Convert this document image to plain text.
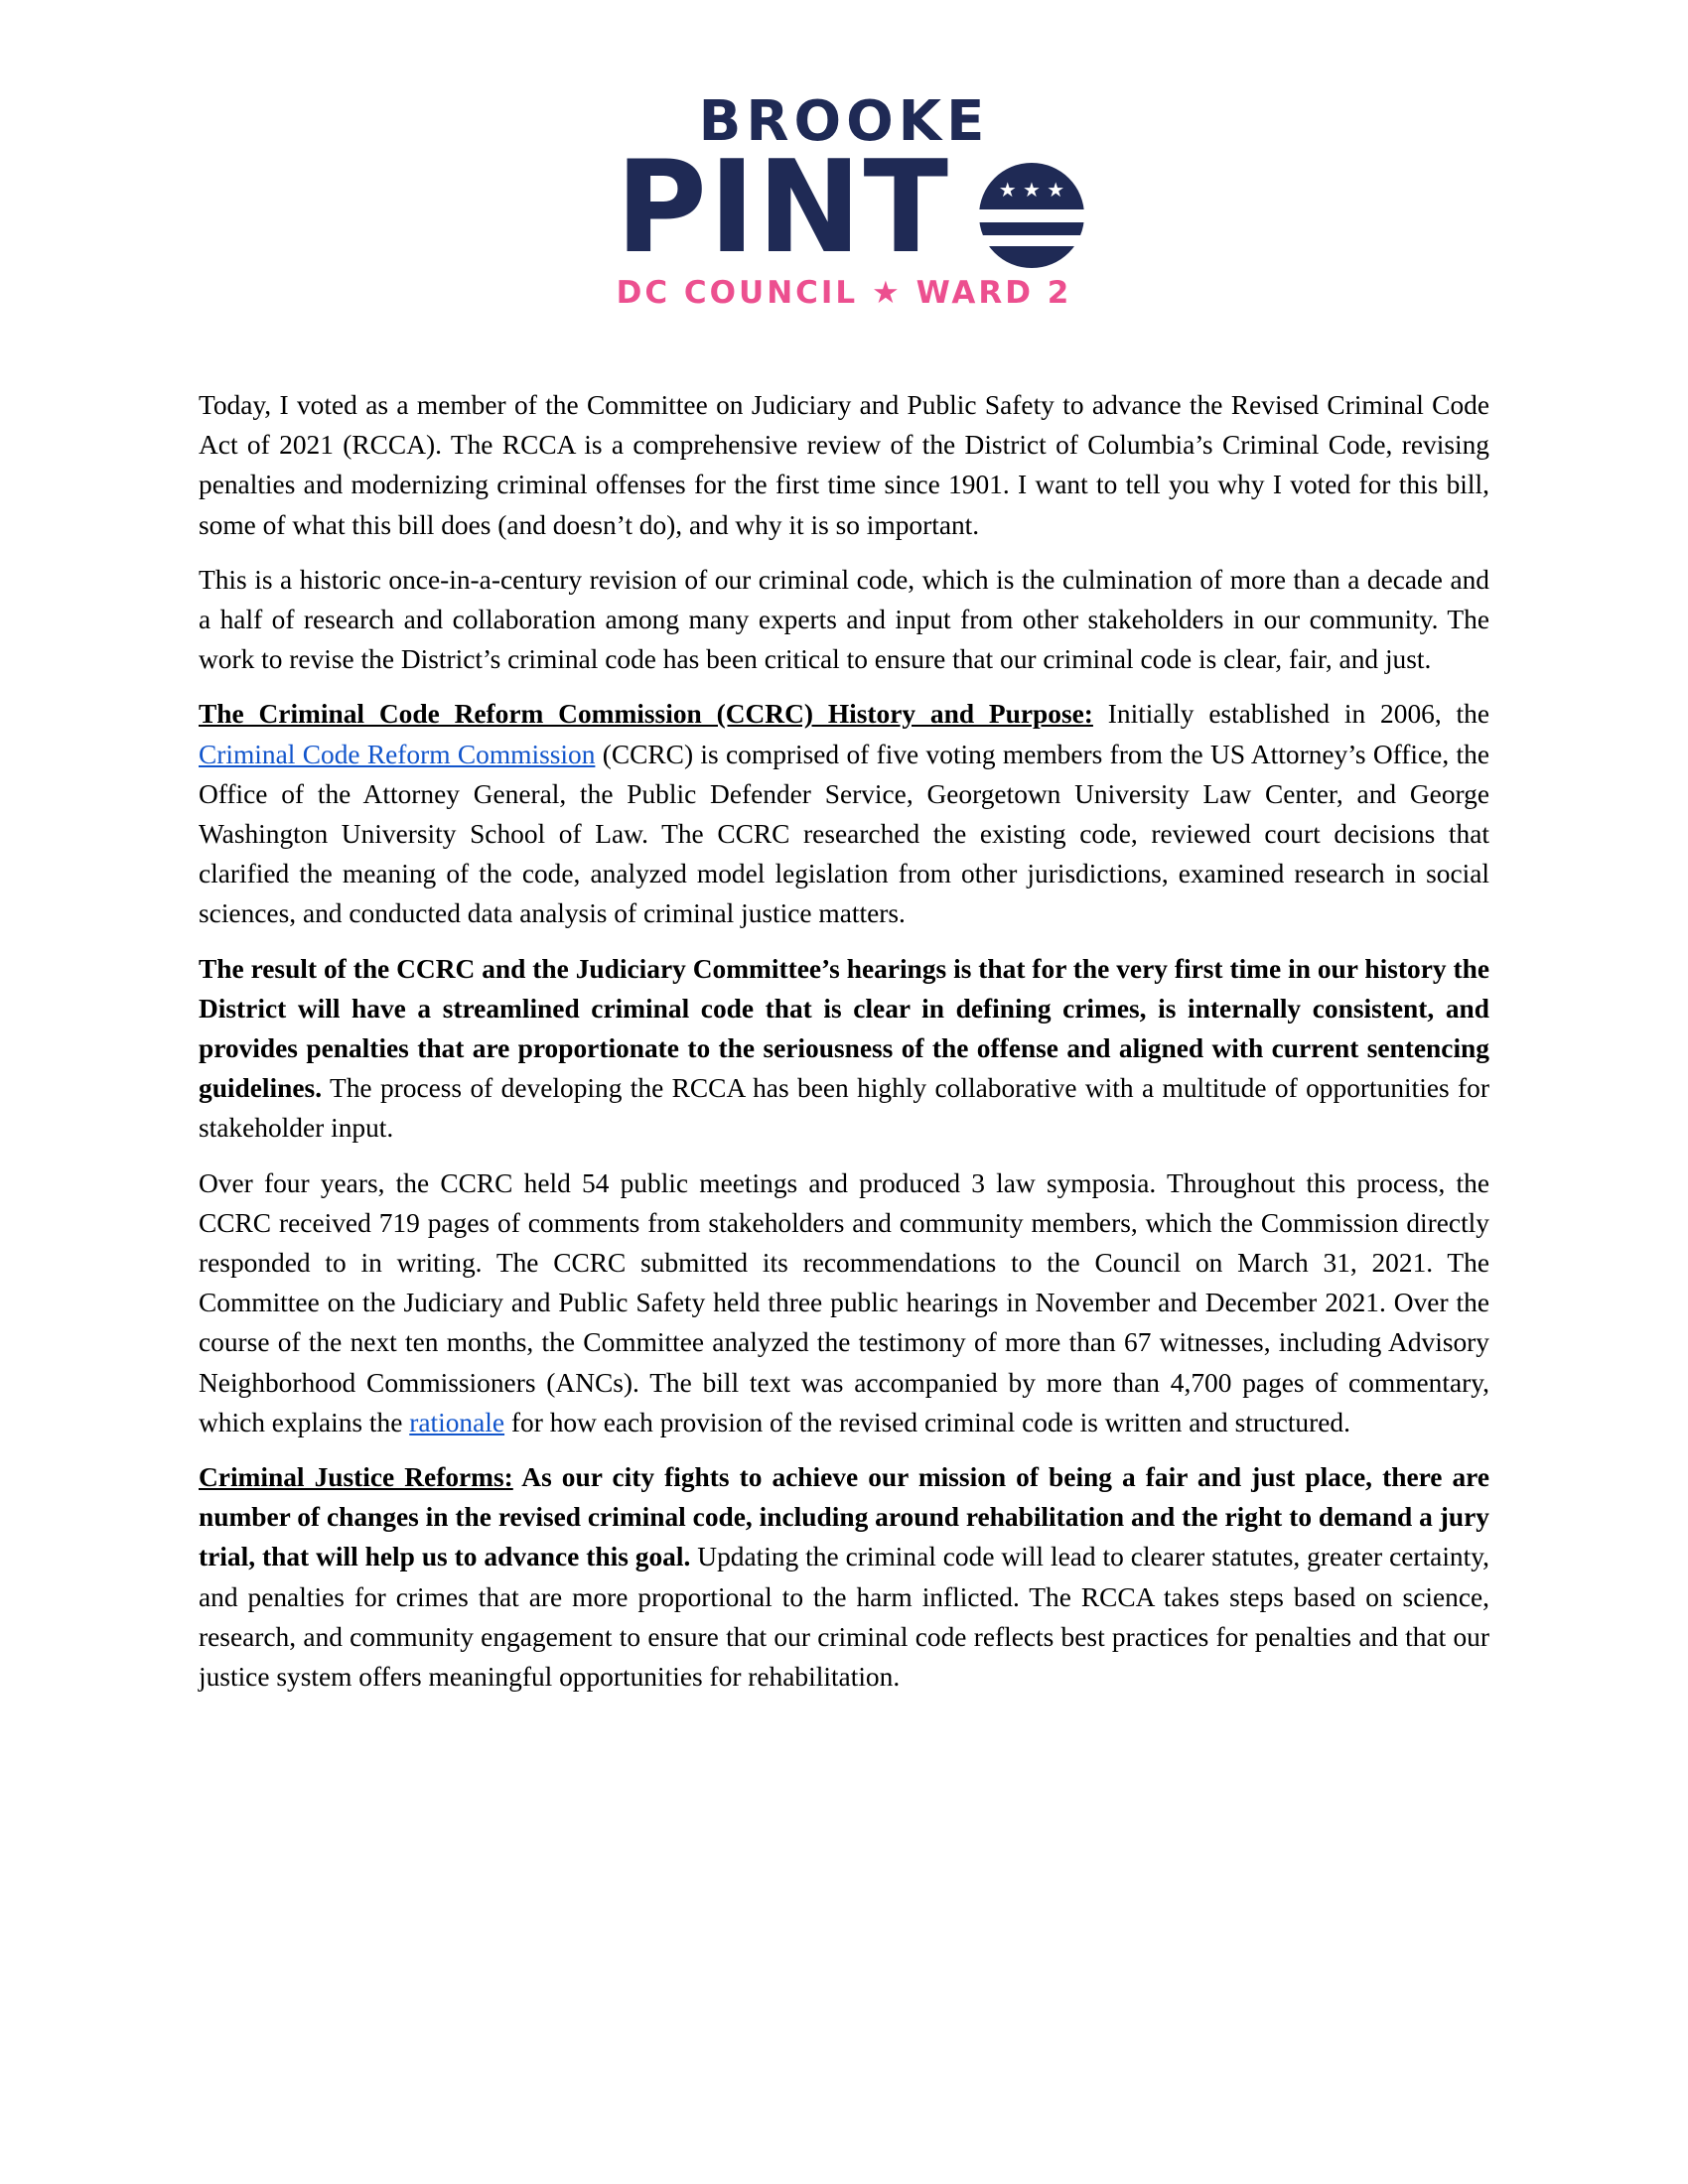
BROOKE
PINT ★ ★ ★
DC COUNCIL ★ WARD 2

Today, I voted as a member of the Committee on Judiciary and Public Safety to advance the Revised Criminal Code Act of 2021 (RCCA). The RCCA is a comprehensive review of the District of Columbia’s Criminal Code, revising penalties and modernizing criminal offenses for the first time since 1901. I want to tell you why I voted for this bill, some of what this bill does (and doesn’t do), and why it is so important.

This is a historic once-in-a-century revision of our criminal code, which is the culmination of more than a decade and a half of research and collaboration among many experts and input from other stakeholders in our community. The work to revise the District’s criminal code has been critical to ensure that our criminal code is clear, fair, and just.

The Criminal Code Reform Commission (CCRC) History and Purpose: Initially established in 2006, the Criminal Code Reform Commission (CCRC) is comprised of five voting members from the US Attorney’s Office, the Office of the Attorney General, the Public Defender Service, Georgetown University Law Center, and George Washington University School of Law. The CCRC researched the existing code, reviewed court decisions that clarified the meaning of the code, analyzed model legislation from other jurisdictions, examined research in social sciences, and conducted data analysis of criminal justice matters.

The result of the CCRC and the Judiciary Committee’s hearings is that for the very first time in our history the District will have a streamlined criminal code that is clear in defining crimes, is internally consistent, and provides penalties that are proportionate to the seriousness of the offense and aligned with current sentencing guidelines. The process of developing the RCCA has been highly collaborative with a multitude of opportunities for stakeholder input.

Over four years, the CCRC held 54 public meetings and produced 3 law symposia. Throughout this process, the CCRC received 719 pages of comments from stakeholders and community members, which the Commission directly responded to in writing. The CCRC submitted its recommendations to the Council on March 31, 2021. The Committee on the Judiciary and Public Safety held three public hearings in November and December 2021. Over the course of the next ten months, the Committee analyzed the testimony of more than 67 witnesses, including Advisory Neighborhood Commissioners (ANCs). The bill text was accompanied by more than 4,700 pages of commentary, which explains the rationale for how each provision of the revised criminal code is written and structured.

Criminal Justice Reforms: As our city fights to achieve our mission of being a fair and just place, there are number of changes in the revised criminal code, including around rehabilitation and the right to demand a jury trial, that will help us to advance this goal. Updating the criminal code will lead to clearer statutes, greater certainty, and penalties for crimes that are more proportional to the harm inflicted. The RCCA takes steps based on science, research, and community engagement to ensure that our criminal code reflects best practices for penalties and that our justice system offers meaningful opportunities for rehabilitation.
